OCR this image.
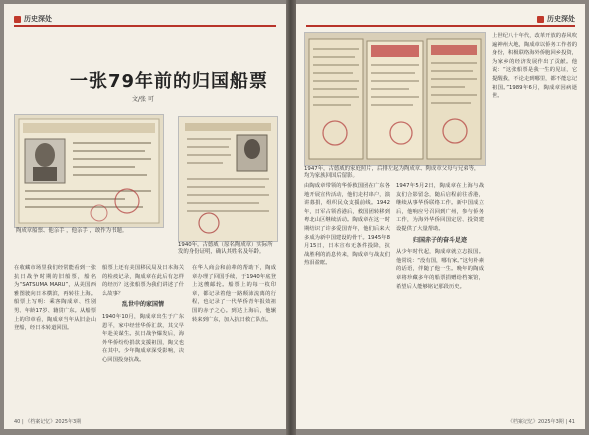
历史深处
一张79年前的归国船票
文/张 可
陶成章船票、他亲手 ，他亲手 ，敢作为书题。
1940年，古德威（原名陶成章）实际所发的身份证明，确认其姓名及年龄。
在收藏市场里我们经常能看到一张抗日战争时期的旧船票，船名为“SATSUMA MARU”，从美国西雅图驶向日本横滨，再转往上海。船票上写明：乘客陶成章、性别男、年龄17岁、籍贯广东。从船票上的印章看，陶成章当年从旧金山登船，经日本转道回国。
船票上还有美国移民局及日本海关的检疫记录，陶成章在此后有怎样的经历？这张船票为我们讲述了什么故事？
乱世中的家国情
1940年10月，陶成章出生于广东恩平，家中经营华侨汇款，其父早年赴美谋生。抗日战争爆发后，海外华侨纷纷捐款支援祖国，陶父也在其中。少年陶成章深受影响，决心回国投身抗战。
在华人商会和前辈的帮助下，陶成章办理了回国手续，于1940年底登上这艘邮轮。船票上的每一枚印章，都记录着他一路颠沛流离的行程，也记录了一代华侨青年报效祖国的赤子之心。到达上海后，他辗转来到广东，加入抗日救亡队伍。
40 | 《档案记忆》2025年3期
历史深处
1947年，古德威的家庭照片，后排左起为陶成章、陶成章父母与兄弟等，均为家族回国后留影。
由陶成章带领的华侨救国团在广东各地开展宣传活动，他们走村串户，演讲募捐，组织民众支援前线。1942年，日军占领香港后，救国团转移到粤北山区继续活动。陶成章在这一时期结识了许多爱国青年，他们后来大多成为新中国建设的骨干。1945年8月15日，日本宣布无条件投降，抗战胜利的消息传来，陶成章与战友们热泪盈眶。
1947年5月2日，陶成章在上海与战友们合影留念，随后启程前往香港，继续从事华侨联络工作。新中国成立后，他响应号召回到广州，参与侨务工作，为海外华侨回国定居、投资建设提供了大量帮助。
归国赤子的奋斗足迹
从少年时代起，陶成章就立志报国。他常说：“没有国，哪有家。”这句朴素的话语，伴随了他一生。晚年的陶成章将珍藏多年的船票捐赠给档案馆，希望后人能够铭记那段历史。
上世纪八十年代，改革开放的春风吹遍神州大地，陶成章以侨务工作者的身份，积极联络海外侨胞回乡投资，为家乡的经济发展作出了贡献。他说：“这张船票是我一生的见证，它提醒我，不论走到哪里，都不能忘记祖国。”1989年6月，陶成章因病逝世。
《档案记忆》2025年3期 | 41
